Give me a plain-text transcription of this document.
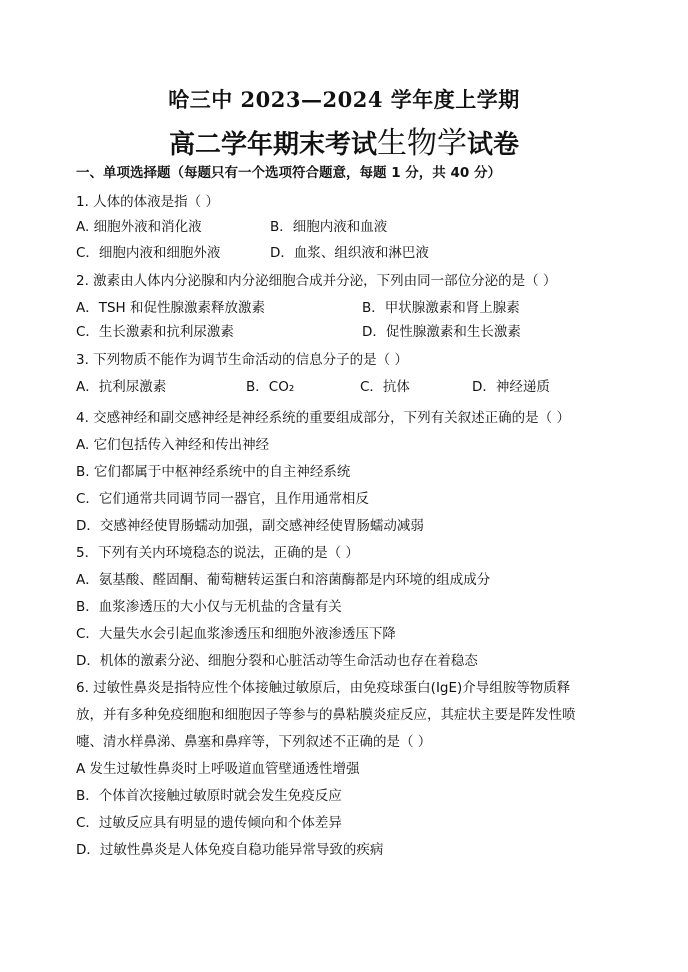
哈三中 2023—2024 学年度上学期
高二学年期末考试生物学试卷
一、单项选择题（每题只有一个选项符合题意，每题 1 分，共 40 分）
1. 人体的体液是指（ ）
A. 细胞外液和消化液	B．细胞内液和血液
C．细胞内液和细胞外液	D．血浆、组织液和淋巴液
2. 激素由人体内分泌腺和内分泌细胞合成并分泌，下列由同一部位分泌的是（ ）
A．TSH 和促性腺激素释放激素	B．甲状腺激素和肾上腺素
C．生长激素和抗利尿激素	D．促性腺激素和生长激素
3. 下列物质不能作为调节生命活动的信息分子的是（ ）
A．抗利尿激素	B．CO₂	C．抗体	D．神经递质
4. 交感神经和副交感神经是神经系统的重要组成部分，下列有关叙述正确的是（ ）
A. 它们包括传入神经和传出神经
B. 它们都属于中枢神经系统中的自主神经系统
C．它们通常共同调节同一器官，且作用通常相反
D．交感神经使胃肠蠕动加强，副交感神经使胃肠蠕动减弱
5．下列有关内环境稳态的说法，正确的是（ ）
A．氨基酸、醛固酮、葡萄糖转运蛋白和溶菌酶都是内环境的组成成分
B．血浆渗透压的大小仅与无机盐的含量有关
C．大量失水会引起血浆渗透压和细胞外液渗透压下降
D．机体的激素分泌、细胞分裂和心脏活动等生命活动也存在着稳态
6. 过敏性鼻炎是指特应性个体接触过敏原后，由免疫球蛋白(IgE)介导组胺等物质释
放，并有多种免疫细胞和细胞因子等参与的鼻粘膜炎症反应，其症状主要是阵发性喷
嚏、清水样鼻涕、鼻塞和鼻痒等，下列叙述不正确的是（ ）
A 发生过敏性鼻炎时上呼吸道血管壁通透性增强
B．个体首次接触过敏原时就会发生免疫反应
C．过敏反应具有明显的遗传倾向和个体差异
D．过敏性鼻炎是人体免疫自稳功能异常导致的疾病
